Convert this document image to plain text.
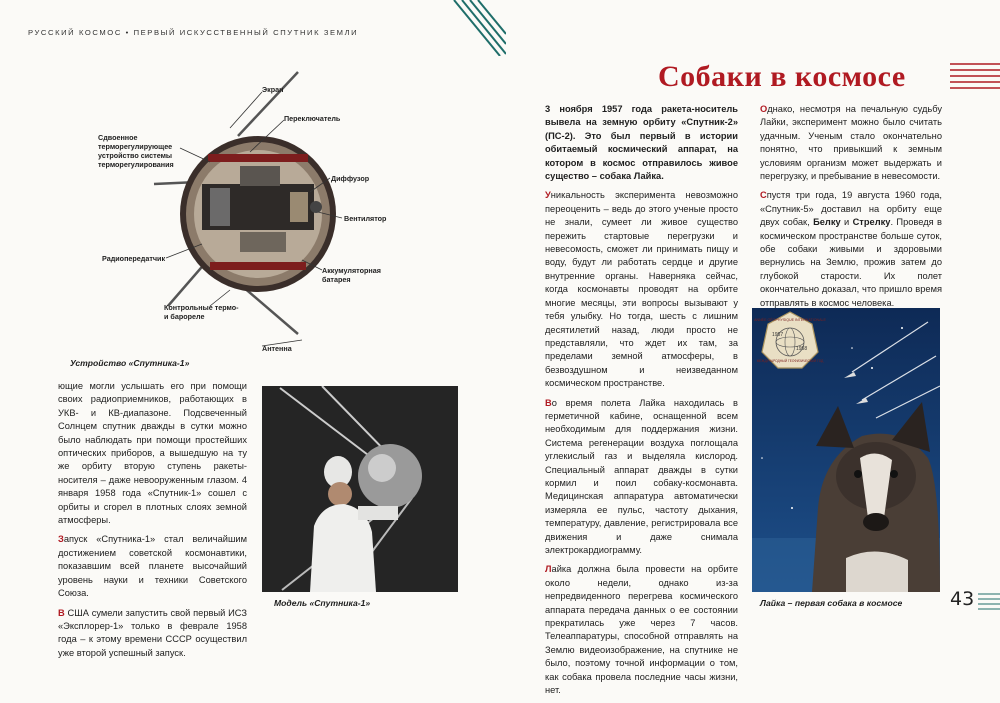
РУССКИЙ КОСМОС • ПЕРВЫЙ ИСКУССТВЕННЫЙ СПУТНИК ЗЕМЛИ
Собаки в космосе
Экран
Переключатель
Сдвоенное терморегулирующее устройство системы терморегулирования
Диффузор
Вентилятор
Радиопередатчик
Аккумуляторная батарея
Контрольные термо- и барореле
Антенна
Устройство «Спутника-1»

ющие могли услышать его при помощи своих радиоприемников, работающих в УКВ- и КВ-диапазоне. Подсвеченный Солнцем спутник дважды в сутки можно было наблюдать при помощи простейших оптических приборов, а вышедшую на ту же орбиту вторую ступень ракеты-носителя – даже невооруженным глазом. 4 января 1958 года «Спутник-1» сошел с орбиты и сгорел в плотных слоях земной атмосферы.

Запуск «Спутника-1» стал величайшим достижением советской космонавтики, показавшим всей планете высочайший уровень науки и техники Советского Союза.

В США сумели запустить свой первый ИСЗ «Эксплорер-1» только в феврале 1958 года – к этому времени СССР осуществил уже второй успешный запуск.

Модель «Спутника-1»

3 ноября 1957 года ракета-носитель вывела на земную орбиту «Спутник-2» (ПС-2). Это был первый в истории обитаемый космический аппарат, на котором в космос отправилось живое существо – собака Лайка.

Уникальность эксперимента невозможно переоценить – ведь до этого ученые просто не знали, сумеет ли живое существо пережить стартовые перегрузки и невесомость, сможет ли принимать пищу и воду, будут ли работать сердце и другие внутренние органы. Наверняка сейчас, когда космонавты проводят на орбите многие месяцы, эти вопросы вызывают у тебя улыбку. Но тогда, шесть с лишним десятилетий назад, люди просто не представляли, что ждет их там, за пределами земной атмосферы, в безвоздушном и неизведанном космическом пространстве.

Во время полета Лайка находилась в герметичной кабине, оснащенной всем необходимым для поддержания жизни. Система регенерации воздуха поглощала углекислый газ и выделяла кислород. Специальный аппарат дважды в сутки кормил и поил собаку-космонавта. Медицинская аппаратура автоматически измеряла ее пульс, частоту дыхания, температуру, давление, регистрировала все движения и даже снимала электрокардиограмму.

Лайка должна была провести на орбите около недели, однако из-за непредвиденного перегрева космического аппарата передача данных о ее состоянии прекратилась уже через 7 часов. Телеаппаратуры, способной отправлять на Землю видеоизображение, на спутнике не было, поэтому точной информации о том, как собака провела последние часы жизни, нет.

Однако, несмотря на печальную судьбу Лайки, эксперимент можно было считать удачным. Ученым стало окончательно понятно, что привыкший к земным условиям организм может выдержать и перегрузку, и пребывание в невесомости.

Спустя три года, 19 августа 1960 года, «Спутник-5» доставил на орбиту еще двух собак, Белку и Стрелку. Проведя в космическом пространстве больше суток, обе собаки живыми и здоровыми вернулись на Землю, прожив затем до глубокой старости. Их полет окончательно доказал, что пришло время отправлять в космос человека.

ANNÉE GÉOPHYSIQUE INTERNATIONALE
1957
1958
МЕЖДУНАРОДНЫЙ ГЕОФИЗИЧЕСКИЙ ГОД
Лайка – первая собака в космосе	43
